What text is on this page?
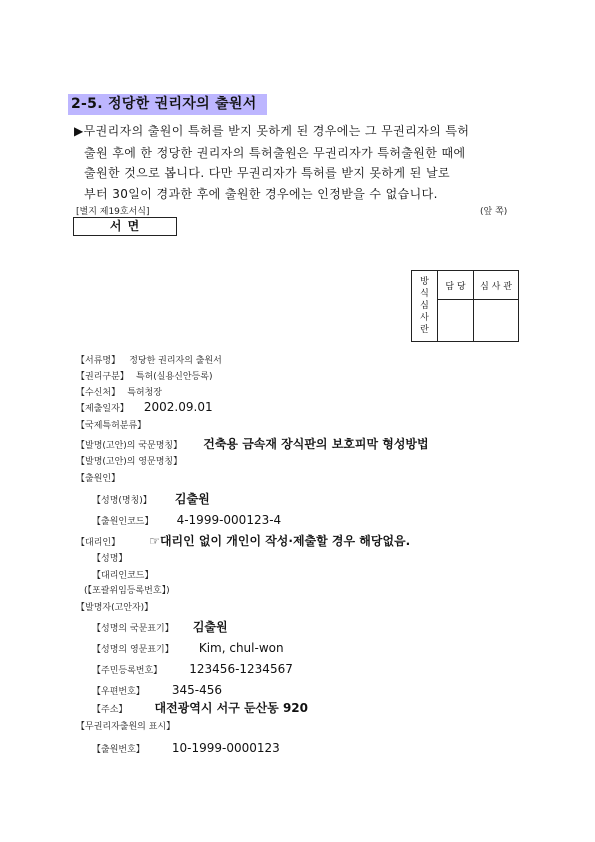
2-5. 정당한 권리자의 출원서
▶무권리자의 출원이 특허를 받지 못하게 된 경우에는 그 무권리자의 특허
출원 후에 한 정당한 권리자의 특허출원은 무권리자가 특허출원한 때에
출원한 것으로 봅니다. 다만 무권리자가 특허를 받지 못하게 된 날로
부터 30일이 경과한 후에 출원한 경우에는 인정받을 수 없습니다.
[별지 제19호서식]	(앞 쪽)
서 면
방
식
심
사
란	담 당	심 사 관

【서류명】 정당한 권리자의 출원서
【권리구분】 특허(실용신안등록)
【수신처】 특허청장
【제출일자】 2002.09.01
【국제특허분류】
【발명(고안)의 국문명칭】 건축용 금속재 장식판의 보호피막 형성방법
【발명(고안)의 영문명칭】
【출원인】
【성명(명칭)】 김출원
【출원인코드】 4-1999-000123-4
【대리인】 ☞대리인 없이 개인이 작성·제출할 경우 해당없음.
【성명】
【대리인코드】
(【포괄위임등록번호】)
【발명자(고안자)】
【성명의 국문표기】 김출원
【성명의 영문표기】 Kim, chul-won
【주민등록번호】 123456-1234567
【우편번호】 345-456
【주소】 대전광역시 서구 둔산동 920
【무권리자출원의 표시】
【출원번호】 10-1999-0000123
